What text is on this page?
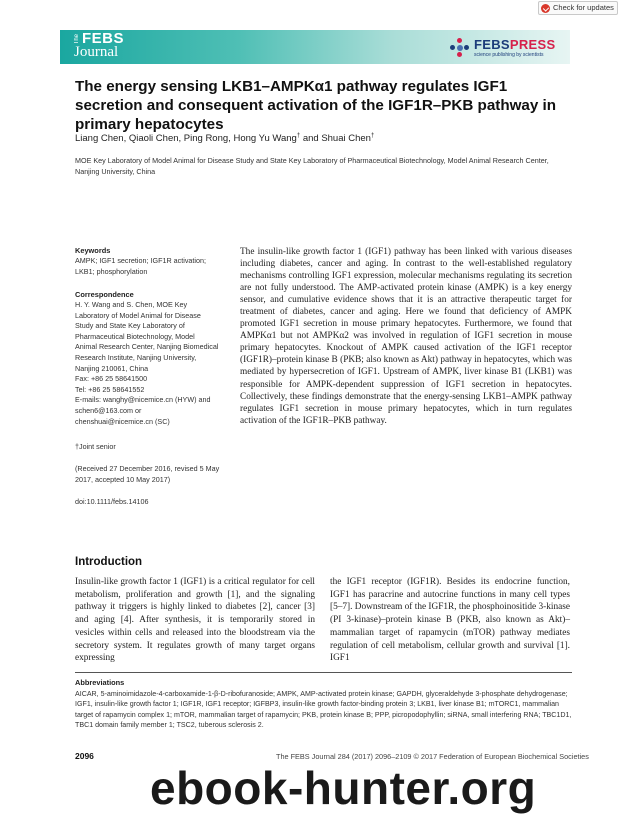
Check for updates
The FEBS
Journal	FEBSPRESS
science publishing by scientists
The energy sensing LKB1–AMPKα1 pathway regulates IGF1 secretion and consequent activation of the IGF1R–PKB pathway in primary hepatocytes
Liang Chen, Qiaoli Chen, Ping Rong, Hong Yu Wang† and Shuai Chen†
MOE Key Laboratory of Model Animal for Disease Study and State Key Laboratory of Pharmaceutical Biotechnology, Model Animal Research Center, Nanjing University, China
Keywords
AMPK; IGF1 secretion; IGF1R activation; LKB1; phosphorylation
Correspondence
H. Y. Wang and S. Chen, MOE Key
Laboratory of Model Animal for Disease
Study and State Key Laboratory of
Pharmaceutical Biotechnology, Model
Animal Research Center, Nanjing Biomedical
Research Institute, Nanjing University,
Nanjing 210061, China
Fax: +86 25 58641500
Tel: +86 25 58641552
E-mails: wanghy@nicemice.cn (HYW) and
schen6@163.com or
chenshuai@nicemice.cn (SC)
†Joint senior
(Received 27 December 2016, revised 5 May 2017, accepted 10 May 2017)
doi:10.1111/febs.14106
The insulin-like growth factor 1 (IGF1) pathway has been linked with various diseases including diabetes, cancer and aging. In contrast to the well-established regulatory mechanisms controlling IGF1 expression, molecular mechanisms regulating its secretion are not fully understood. The AMP-activated protein kinase (AMPK) is a key energy sensor, and cumulative evidence shows that it is an attractive therapeutic target for treatment of diabetes, cancer and aging. Here we found that deficiency of AMPK promoted IGF1 secretion in mouse primary hepatocytes. Furthermore, we found that AMPKα1 but not AMPKα2 was involved in regulation of IGF1 secretion in mouse primary hepatocytes. Knockout of AMPK caused activation of the IGF1 receptor (IGF1R)–protein kinase B (PKB; also known as Akt) pathway in hepatocytes, which was mediated by hypersecretion of IGF1. Upstream of AMPK, liver kinase B1 (LKB1) was responsible for AMPK-dependent suppression of IGF1 secretion in hepatocytes. Collectively, these findings demonstrate that the energy-sensing LKB1–AMPK pathway regulates IGF1 secretion in mouse primary hepatocytes, which in turn regulates activation of the IGF1R–PKB pathway.
Introduction
Insulin-like growth factor 1 (IGF1) is a critical regulator for cell metabolism, proliferation and growth [1], and the signaling pathway it triggers is highly linked to diabetes [2], cancer [3] and aging [4]. After synthesis, it is temporarily stored in vesicles within cells and released into the bloodstream via the secretory system. It regulates growth of many target organs expressing
the IGF1 receptor (IGF1R). Besides its endocrine function, IGF1 has paracrine and autocrine functions in many cell types [5–7]. Downstream of the IGF1R, the phosphoinositide 3-kinase (PI 3-kinase)–protein kinase B (PKB, also known as Akt)–mammalian target of rapamycin (mTOR) pathway mediates regulation of cell metabolism, cellular growth and survival [1]. IGF1
Abbreviations
AICAR, 5-aminoimidazole-4-carboxamide-1-β-D-ribofuranoside; AMPK, AMP-activated protein kinase; GAPDH, glyceraldehyde 3-phosphate dehydrogenase; IGF1, insulin-like growth factor 1; IGF1R, IGF1 receptor; IGFBP3, insulin-like growth factor-binding protein 3; LKB1, liver kinase B1; mTORC1, mammalian target of rapamycin complex 1; mTOR, mammalian target of rapamycin; PKB, protein kinase B; PPP, picropodophyllin; siRNA, small interfering RNA; TBC1D1, TBC1 domain family member 1; TSC2, tuberous sclerosis 2.
2096	The FEBS Journal 284 (2017) 2096–2109 © 2017 Federation of European Biochemical Societies
ebook-hunter.org
